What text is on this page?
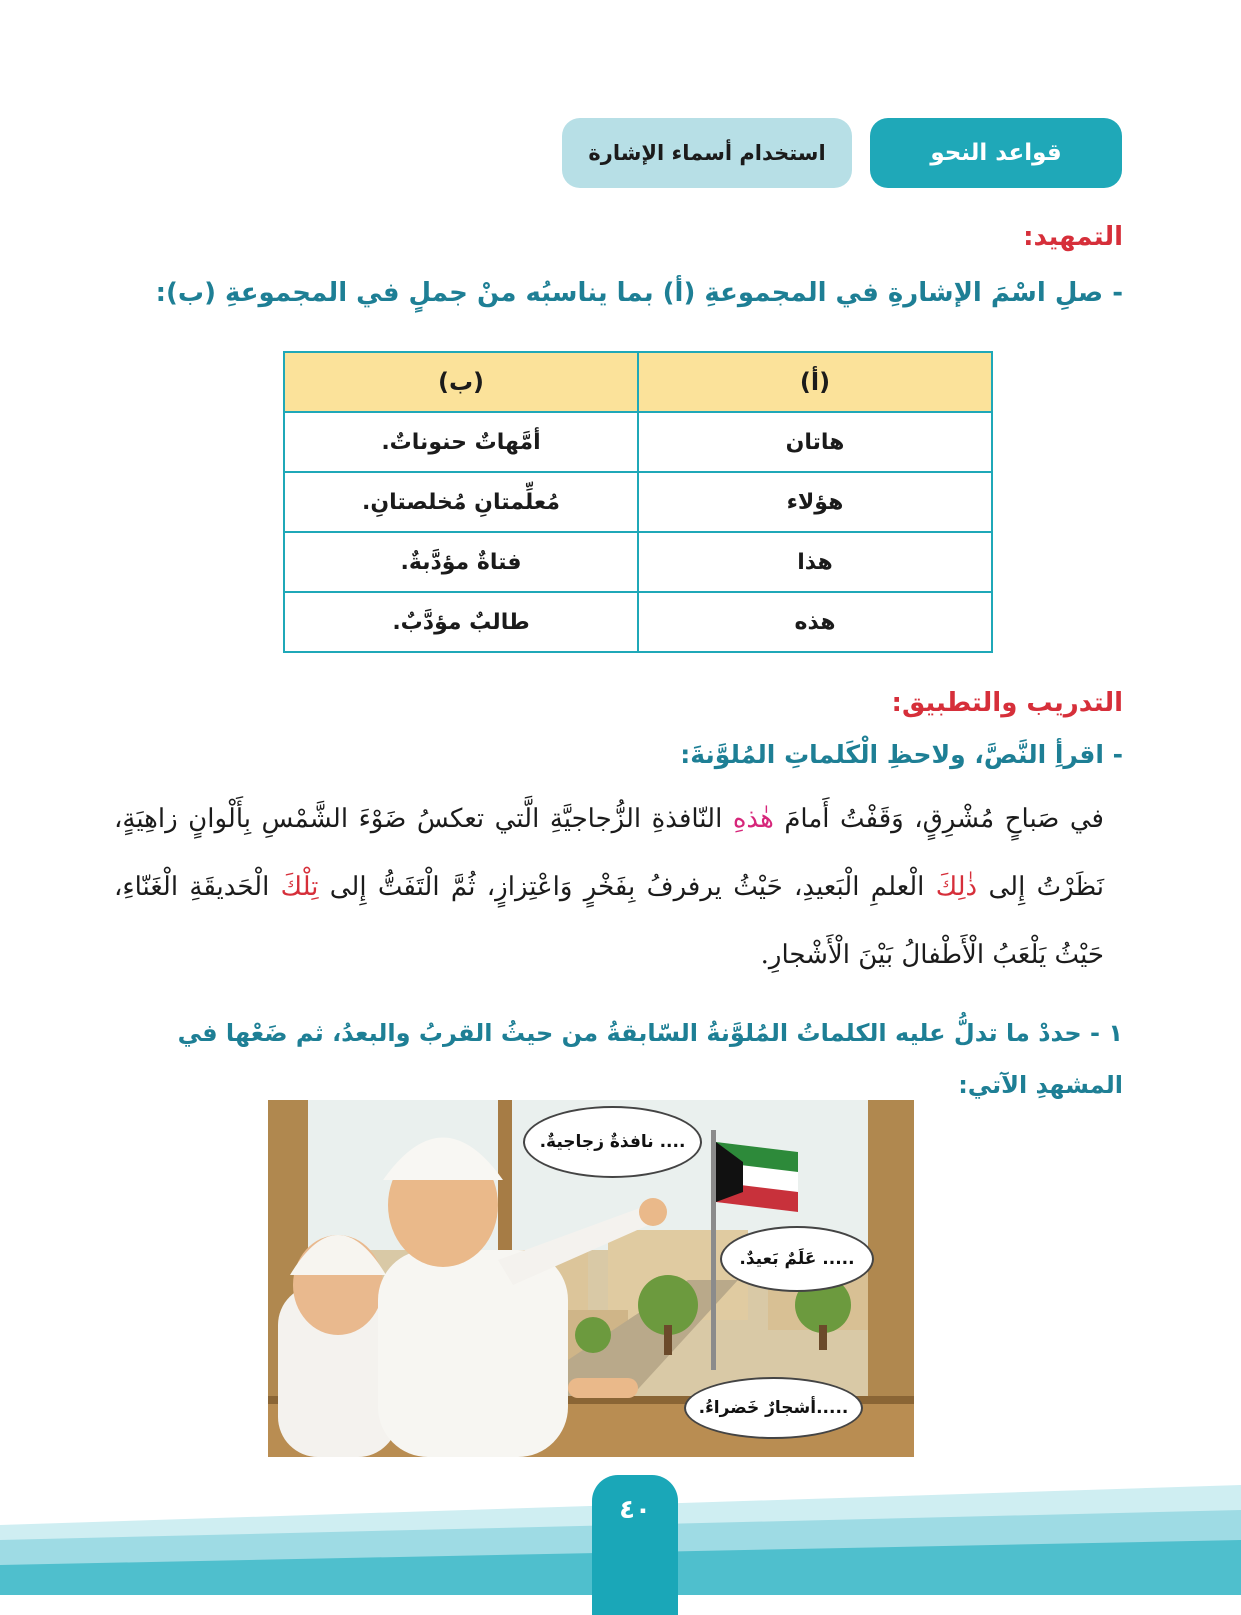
قواعد النحو
استخدام أسماء الإشارة
التمهيد:
- صلِ اسْمَ الإشارةِ في المجموعةِ (أ) بما يناسبُه منْ جملٍ في المجموعةِ (ب):
(أ)	(ب)
هاتان	أمَّهاتٌ حنوناتٌ.
هؤلاء	مُعلِّمتانِ مُخلصتانِ.
هذا	فتاةٌ مؤدَّبةٌ.
هذه	طالبٌ مؤدَّبٌ.
التدريب والتطبيق:
- اقرأِ النَّصَّ، ولاحظِ الْكَلماتِ المُلوَّنةَ:
في صَباحٍ مُشْرِقٍ، وَقَفْتُ أَمامَ هٰذهِ النّافذةِ الزُّجاجيَّةِ الَّتي تعكسُ ضَوْءَ الشَّمْسِ بِأَلْوانٍ زاهِيَةٍ، نَظَرْتُ إِلى ذٰلِكَ الْعلمِ الْبَعيدِ، حَيْثُ يرفرفُ بِفَخْرٍ وَاعْتِزازٍ، ثُمَّ الْتَفَتُّ إِلى تِلْكَ الْحَديقَةِ الْغَنّاءِ، حَيْثُ يَلْعَبُ الْأَطْفالُ بَيْنَ الْأَشْجارِ.
١ - حددْ ما تدلُّ عليه الكلماتُ المُلوَّنةُ السّابقةُ من حيثُ القربُ والبعدُ، ثم ضَعْها في المشهدِ الآتي:
.... نافذةٌ زجاجيةٌ.
..... عَلَمٌ بَعيدٌ.
.....أشجارٌ خَضراءُ.
٤٠
